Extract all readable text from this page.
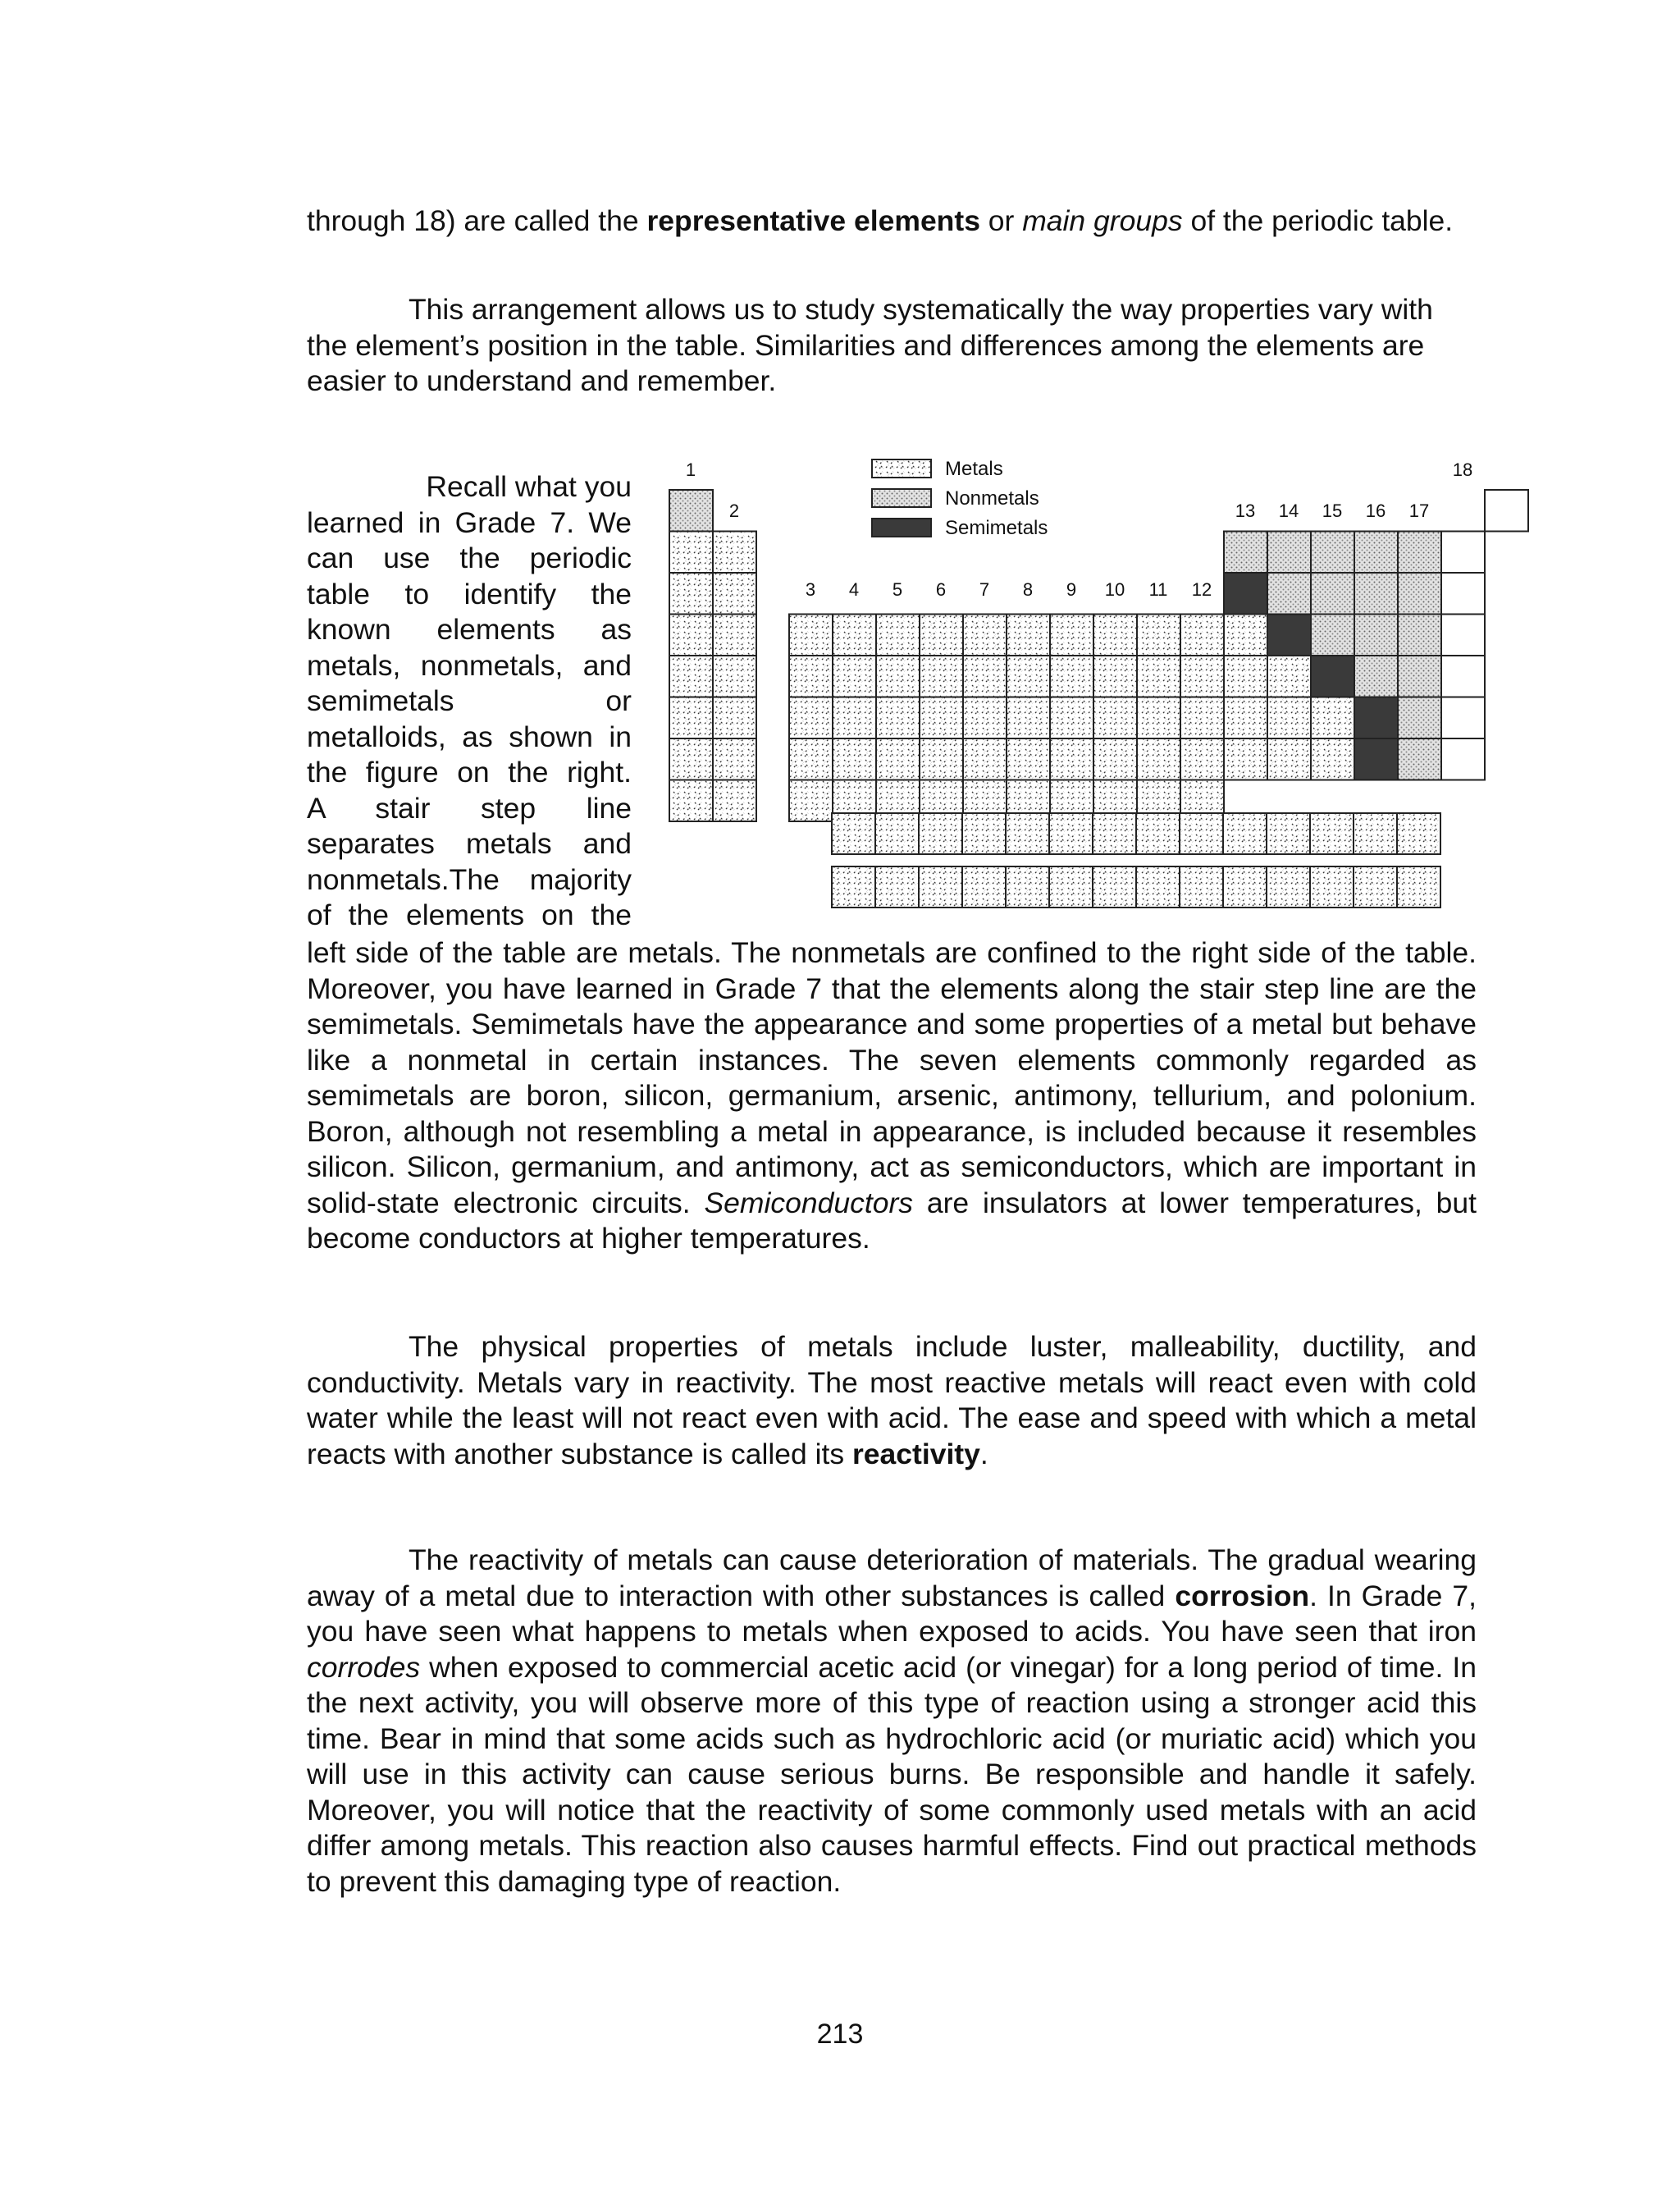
through 18) are called the representative elements or main groups of the periodic table.

This arrangement allows us to study systematically the way properties vary with the element’s position in the table. Similarities and differences among the elements are easier to understand and remember.

Recall what you

learned in Grade 7. We

can use the periodic

table to identify the

known elements as

metals, nonmetals, and

semimetals or

metalloids, as shown in

the figure on the right.

A stair step line

separates metals and

nonmetals.The majority

of the elements on the

left side of the table are metals. The nonmetals are confined to the right side of the table. Moreover, you have learned in Grade 7 that the elements along the stair step line are the semimetals. Semimetals have the appearance and some properties of a metal but behave like a nonmetal in certain instances. The seven elements commonly regarded as semimetals are boron, silicon, germanium, arsenic, antimony, tellurium, and polonium. Boron, although not resembling a metal in appearance, is included because it resembles silicon. Silicon, germanium, and antimony, act as semiconductors, which are important in solid-state electronic circuits. Semiconductors are insulators at lower temperatures, but become conductors at higher temperatures.

The physical properties of metals include luster, malleability, ductility, and conductivity. Metals vary in reactivity. The most reactive metals will react even with cold water while the least will not react even with acid. The ease and speed with which a metal reacts with another substance is called its reactivity.

The reactivity of metals can cause deterioration of materials. The gradual wearing away of a metal due to interaction with other substances is called corrosion. In Grade 7, you have seen what happens to metals when exposed to acids. You have seen that iron corrodes when exposed to commercial acetic acid (or vinegar) for a long period of time. In the next activity, you will observe more of this type of reaction using a stronger acid this time. Bear in mind that some acids such as hydrochloric acid (or muriatic acid) which you will use in this activity can cause serious burns. Be responsible and handle it safely. Moreover, you will notice that the reactivity of some commonly used metals with an acid differ among metals. This reaction also causes harmful effects. Find out practical methods to prevent this damaging type of reaction.

213
Metals
Nonmetals
Semimetals
1
2
3 4 5 6 7 8 9 10 11 12
13 14 15 16 17
18
